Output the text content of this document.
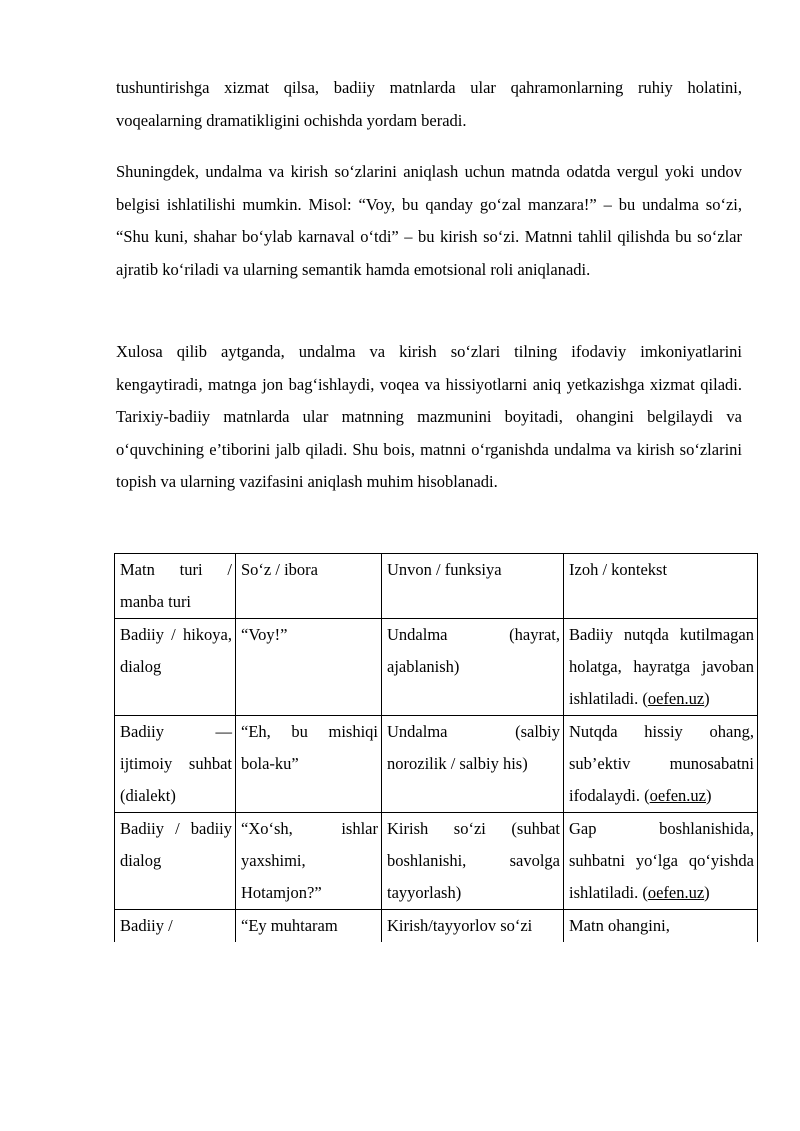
tushuntirishga xizmat qilsa, badiiy matnlarda ular qahramonlarning ruhiy holatini, voqealarning dramatikligini ochishda yordam beradi.

Shuningdek, undalma va kirish so‘zlarini aniqlash uchun matnda odatda vergul yoki undov belgisi ishlatilishi mumkin. Misol: “Voy, bu qanday go‘zal manzara!” – bu undalma so‘zi, “Shu kuni, shahar bo‘ylab karnaval o‘tdi” – bu kirish so‘zi. Matnni tahlil qilishda bu so‘zlar ajratib ko‘riladi va ularning semantik hamda emotsional roli aniqlanadi.

Xulosa qilib aytganda, undalma va kirish so‘zlari tilning ifodaviy imkoniyatlarini kengaytiradi, matnga jon bag‘ishlaydi, voqea va hissiyotlarni aniq yetkazishga xizmat qiladi. Tarixiy-badiiy matnlarda ular matnning mazmunini boyitadi, ohangini belgilaydi va o‘quvchining e’tiborini jalb qiladi. Shu bois, matnni o‘rganishda undalma va kirish so‘zlarini topish va ularning vazifasini aniqlash muhim hisoblanadi.

Matn turi / manba turi	So‘z / ibora	Unvon / funksiya	Izoh / kontekst
Badiiy / hikoya, dialog	“Voy!”	Undalma (hayrat, ajablanish)	Badiiy nutqda kutilmagan holatga, hayratga javoban ishlatiladi. (oefen.uz)
Badiiy — ijtimoiy suhbat (dialekt)	“Eh, bu mishiqi bola-ku”	Undalma (salbiy norozilik / salbiy his)	Nutqda hissiy ohang, sub’ektiv munosabatni ifodalaydi. (oefen.uz)
Badiiy / badiiy dialog	“Xo‘sh, ishlar yaxshimi, Hotamjon?”	Kirish so‘zi (suhbat boshlanishi, savolga tayyorlash)	Gap boshlanishida, suhbatni yo‘lga qo‘yishda ishlatiladi. (oefen.uz)
Badiiy /	“Ey muhtaram	Kirish/tayyorlov so‘zi	Matn ohangini,
